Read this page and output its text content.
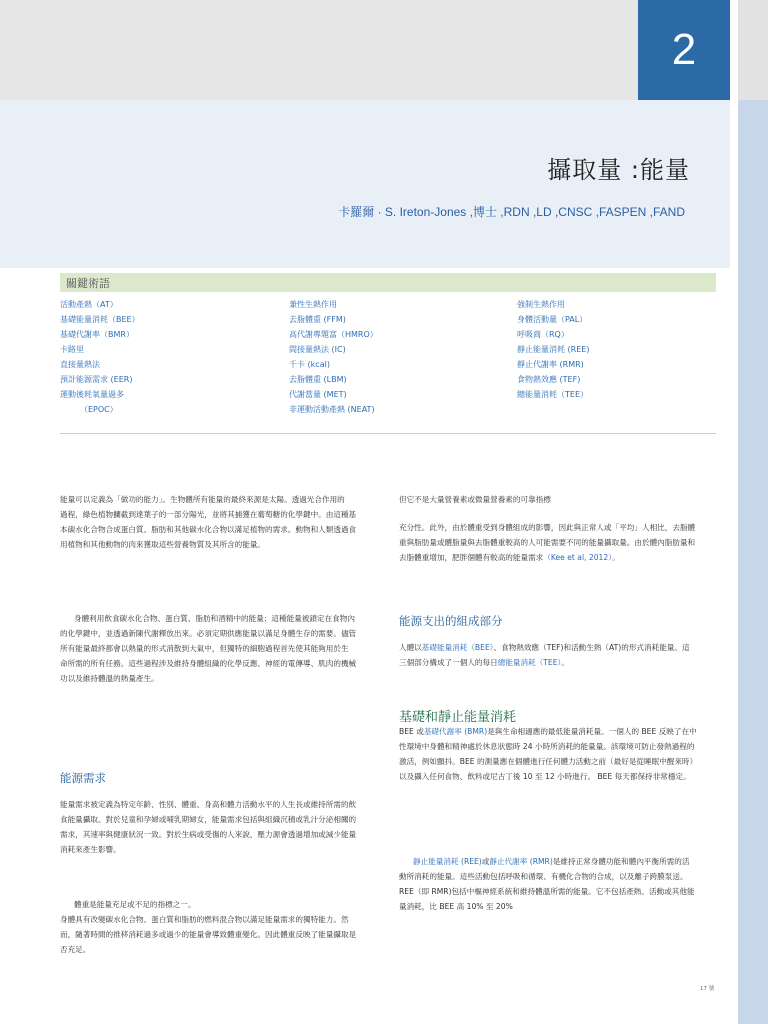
2
攝取量 :能量
卡羅爾 · S. Ireton-Jones ,博士 ,RDN ,LD ,CNSC ,FASPEN ,FAND
關鍵術語
活動產熱（AT）
基礎能量消耗（BEE）
基礎代謝率（BMR）
卡路里
直接量熱法
預計能源需求 (EER)
運動後耗氧量過多
（EPOC）
兼性生熱作用
去脂體重 (FFM)
高代謝專題富（HMRO）
間接量熱法 (IC)
千卡 (kcal)
去脂體重 (LBM)
代謝當量 (MET)
非運動活動產熱 (NEAT)
強制生熱作用
身體活動量（PAL）
呼吸商（RQ）
靜止能量消耗 (REE)
靜止代謝率 (RMR)
食物熱效應 (TEF)
總能量消耗（TEE）
能量可以定義為「做功的能力」。生物體所有能量的最終來源是太陽。透過光合作用的
過程，綠色植物攔截到達葉子的一部分陽光，並將其捕獲在葡萄糖的化學鍵中。由這種基
本碳水化合物合成蛋白質、脂肪和其他碳水化合物以滿足植物的需求。動物和人類透過食
用植物和其他動物的肉來獲取這些營養物質及其所含的能量。
身體利用飲食碳水化合物、蛋白質、脂肪和酒精中的能量；這種能量被鎖定在食物內
的化學鍵中，並透過新陳代謝釋放出來。必須定期供應能量以滿足身體生存的需要。儘管
所有能量最終都會以熱量的形式消散到大氣中，但獨特的細胞過程首先使其能夠用於生
命所需的所有任務。這些過程涉及維持身體組織的化學反應、神經的電傳導、肌肉的機械
功以及維持體溫的熱量產生。
能源需求
能量需求被定義為特定年齡、性別、體重、身高和體力活動水平的人生長或維持所需的飲
食能量攝取。對於兒童和孕婦或哺乳期婦女，能量需求包括與組織沉積或乳汁分泌相關的
需求，其速率與健康狀況一致。對於生病或受傷的人來說，壓力源會透過增加或減少能量
消耗來產生影響。
體重是能量充足或不足的指標之一。
身體具有改變碳水化合物、蛋白質和脂肪的燃料混合物以滿足能量需求的獨特能力。然
而，隨著時間的推移消耗過多或過少的能量會導致體重變化。因此體重反映了能量攝取是
否充足。
但它不是大量營養素或微量營養素的可靠指標
充分性。此外，由於體重受到身體組成的影響，因此與正常人或「平均」人相比，去脂體
重與脂肪量或體脂量與去脂體重較高的人可能需要不同的能量攝取量。由於體內脂肪量和
去脂體重增加，肥胖個體有較高的能量需求（Kee et al, 2012）。
能源支出的組成部分
人體以基礎能量消耗（BEE）、食物熱效應（TEF)和活動生熱（AT)的形式消耗能量。這
三個部分構成了一個人的每日總能量消耗（TEE）。
基礎和靜止能量消耗
BEE 或基礎代謝率 (BMR)是與生命相適應的最低能量消耗量。一個人的 BEE 反映了在中
性環境中身體和精神處於休息狀態時 24 小時所消耗的能量量。該環境可防止發熱過程的
激活，例如顫抖。BEE 的測量應在個體進行任何體力活動之前（最好是從睡眠中醒來時）
以及攝入任何食物、飲料或尼古丁後 10 至 12 小時進行。 BEE 每天都保持非常穩定。
靜止能量消耗 (REE)或靜止代謝率 (RMR)是維持正常身體功能和體內平衡所需的活
動所消耗的能量。這些活動包括呼吸和循環、有機化合物的合成，以及離子跨膜泵送。
REE（即 RMR)包括中樞神經系統和維持體溫所需的能量。它不包括產熱、活動或其他能
量消耗，比 BEE 高 10% 至 20%
17 號
